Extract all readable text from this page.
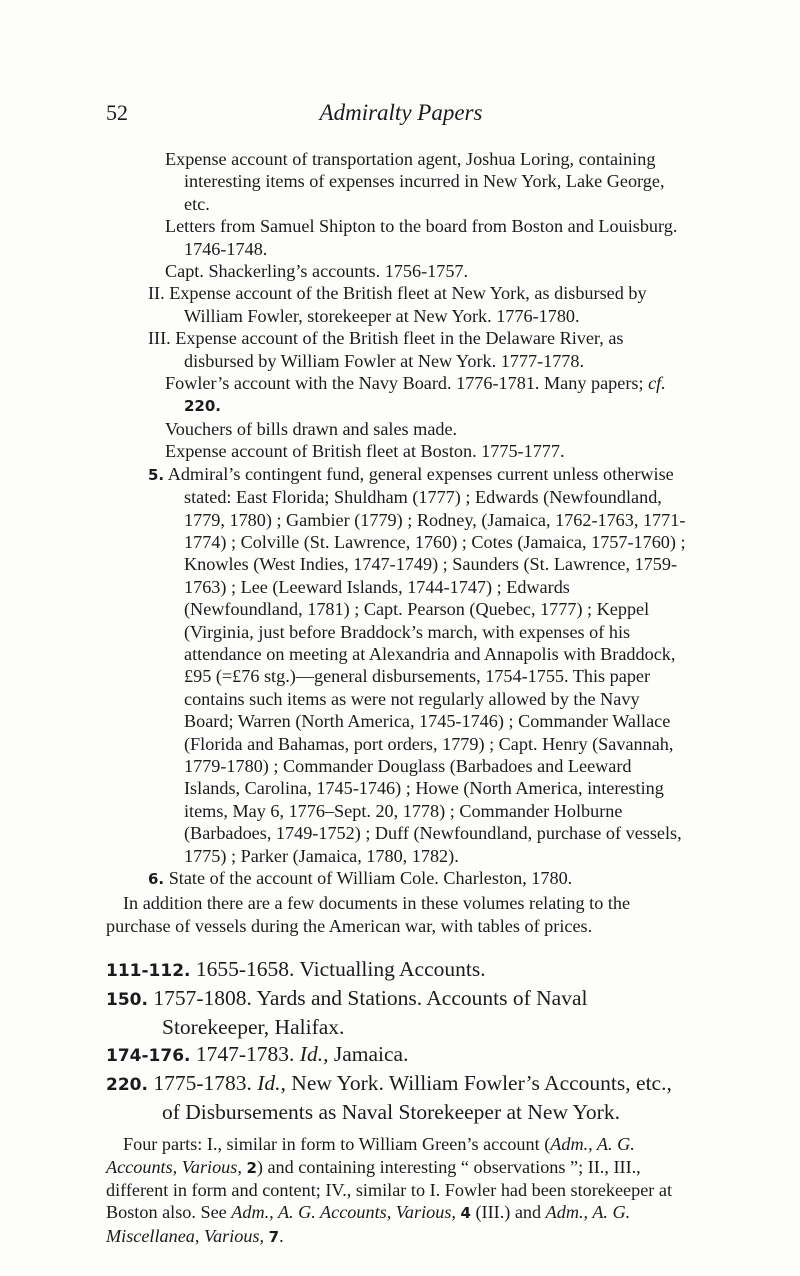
52	Admiralty Papers
Expense account of transportation agent, Joshua Loring, containing interesting items of expenses incurred in New York, Lake George, etc.
Letters from Samuel Shipton to the board from Boston and Louisburg. 1746-1748.
Capt. Shackerling’s accounts. 1756-1757.
II. Expense account of the British fleet at New York, as disbursed by William Fowler, storekeeper at New York. 1776-1780.
III. Expense account of the British fleet in the Delaware River, as disbursed by William Fowler at New York. 1777-1778.
Fowler’s account with the Navy Board. 1776-1781. Many papers; cf. 220.
Vouchers of bills drawn and sales made.
Expense account of British fleet at Boston. 1775-1777.
5. Admiral’s contingent fund, general expenses current unless otherwise stated: East Florida; Shuldham (1777) ; Edwards (Newfoundland, 1779, 1780) ; Gambier (1779) ; Rodney, (Jamaica, 1762-1763, 1771-1774) ; Colville (St. Lawrence, 1760) ; Cotes (Jamaica, 1757-1760) ; Knowles (West Indies, 1747-1749) ; Saunders (St. Lawrence, 1759-1763) ; Lee (Leeward Islands, 1744-1747) ; Edwards (Newfoundland, 1781) ; Capt. Pearson (Quebec, 1777) ; Keppel (Virginia, just before Braddock’s march, with expenses of his attendance on meeting at Alexandria and Annapolis with Braddock, £95 (=£76 stg.)—general disbursements, 1754-1755. This paper contains such items as were not regularly allowed by the Navy Board; Warren (North America, 1745-1746) ; Commander Wallace (Florida and Bahamas, port orders, 1779) ; Capt. Henry (Savannah, 1779-1780) ; Commander Douglass (Barbadoes and Leeward Islands, Carolina, 1745-1746) ; Howe (North America, interesting items, May 6, 1776–Sept. 20, 1778) ; Commander Holburne (Barbadoes, 1749-1752) ; Duff (Newfoundland, purchase of vessels, 1775) ; Parker (Jamaica, 1780, 1782).
6. State of the account of William Cole. Charleston, 1780.
In addition there are a few documents in these volumes relating to the purchase of vessels during the American war, with tables of prices.
111-112. 1655-1658. Victualling Accounts.
150. 1757-1808. Yards and Stations. Accounts of Naval Storekeeper, Halifax.
174-176. 1747-1783. Id., Jamaica.
220. 1775-1783. Id., New York. William Fowler’s Accounts, etc., of Disbursements as Naval Storekeeper at New York.
Four parts: I., similar in form to William Green’s account (Adm., A. G. Accounts, Various, 2) and containing interesting “ observations ”; II., III., different in form and content; IV., similar to I. Fowler had been storekeeper at Boston also. See Adm., A. G. Accounts, Various, 4 (III.) and Adm., A. G. Miscellanea, Various, 7.
